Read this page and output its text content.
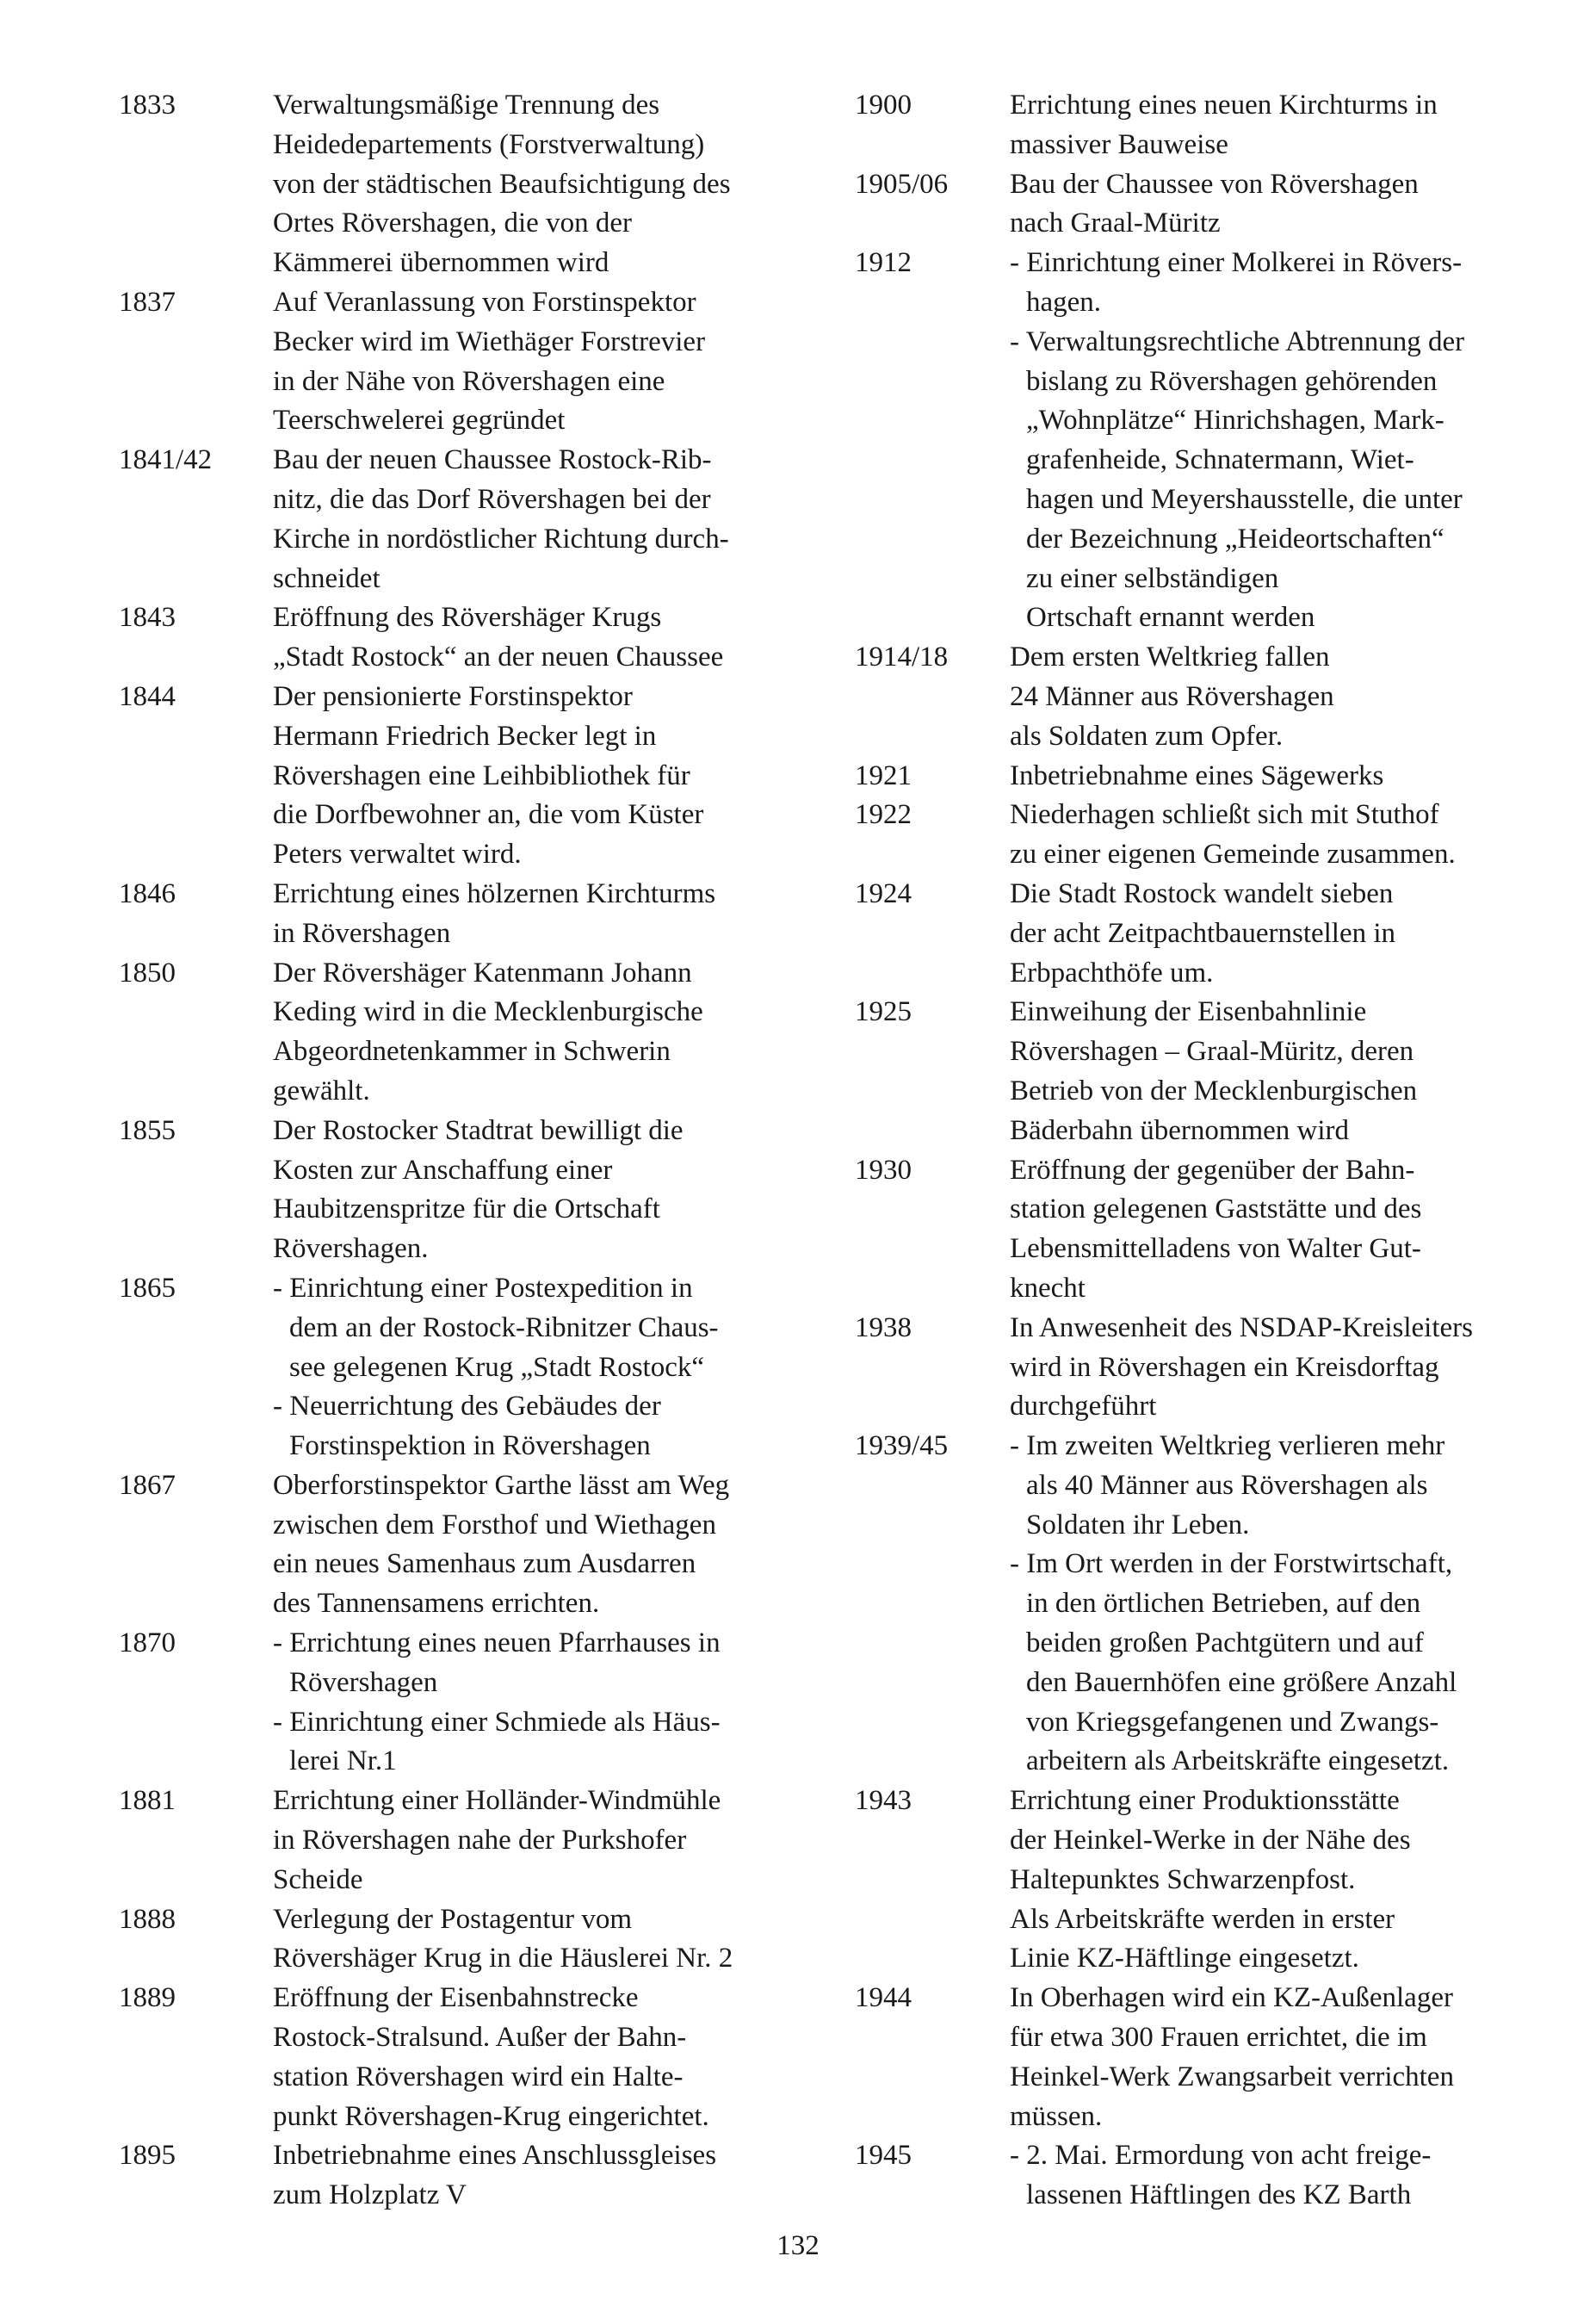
1833	Verwaltungsmäßige Trennung des
Heidedepartements (Forstverwaltung)
von der städtischen Beaufsichtigung des
Ortes Rövershagen, die von der
Kämmerei übernommen wird
1837	Auf Veranlassung von Forstinspektor
Becker wird im Wiethäger Forstrevier
in der Nähe von Rövershagen eine
Teerschwelerei gegründet
1841/42	Bau der neuen Chaussee Rostock-Rib-
nitz, die das Dorf Rövershagen bei der
Kirche in nordöstlicher Richtung durch-
schneidet
1843	Eröffnung des Rövershäger Krugs
„Stadt Rostock“ an der neuen Chaussee
1844	Der pensionierte Forstinspektor
Hermann Friedrich Becker legt in
Rövershagen eine Leihbibliothek für
die Dorfbewohner an, die vom Küster
Peters verwaltet wird.
1846	Errichtung eines hölzernen Kirchturms
in Rövershagen
1850	Der Rövershäger Katenmann Johann
Keding wird in die Mecklenburgische
Abgeordnetenkammer in Schwerin
gewählt.
1855	Der Rostocker Stadtrat bewilligt die
Kosten zur Anschaffung einer
Haubitzenspritze für die Ortschaft
Rövershagen.
1865	- Einrichtung einer Postexpedition in
dem an der Rostock-Ribnitzer Chaus-
see gelegenen Krug „Stadt Rostock“
- Neuerrichtung des Gebäudes der
Forstinspektion in Rövershagen
1867	Oberforstinspektor Garthe lässt am Weg
zwischen dem Forsthof und Wiethagen
ein neues Samenhaus zum Ausdarren
des Tannensamens errichten.
1870	- Errichtung eines neuen Pfarrhauses in
Rövershagen
- Einrichtung einer Schmiede als Häus-
lerei Nr.1
1881	Errichtung einer Holländer-Windmühle
in Rövershagen nahe der Purkshofer
Scheide
1888	Verlegung der Postagentur vom
Rövershäger Krug in die Häuslerei Nr. 2
1889	Eröffnung der Eisenbahnstrecke
Rostock-Stralsund. Außer der Bahn-
station Rövershagen wird ein Halte-
punkt Rövershagen-Krug eingerichtet.
1895	Inbetriebnahme eines Anschlussgleises
zum Holzplatz V
1900	Errichtung eines neuen Kirchturms in
massiver Bauweise
1905/06	Bau der Chaussee von Rövershagen
nach Graal-Müritz
1912	- Einrichtung einer Molkerei in Rövers-
hagen.
- Verwaltungsrechtliche Abtrennung der
bislang zu Rövershagen gehörenden
„Wohnplätze“ Hinrichshagen, Mark-
grafenheide, Schnatermann, Wiet-
hagen und Meyershausstelle, die unter
der Bezeichnung „Heideortschaften“
zu einer selbständigen
Ortschaft ernannt werden
1914/18	Dem ersten Weltkrieg fallen
24 Männer aus Rövershagen
als Soldaten zum Opfer.
1921	Inbetriebnahme eines Sägewerks
1922	Niederhagen schließt sich mit Stuthof
zu einer eigenen Gemeinde zusammen.
1924	Die Stadt Rostock wandelt sieben
der acht Zeitpachtbauernstellen in
Erbpachthöfe um.
1925	Einweihung der Eisenbahnlinie
Rövershagen – Graal-Müritz, deren
Betrieb von der Mecklenburgischen
Bäderbahn übernommen wird
1930	Eröffnung der gegenüber der Bahn-
station gelegenen Gaststätte und des
Lebensmittelladens von Walter Gut-
knecht
1938	In Anwesenheit des NSDAP-Kreisleiters
wird in Rövershagen ein Kreisdorftag
durchgeführt
1939/45	- Im zweiten Weltkrieg verlieren mehr
als 40 Männer aus Rövershagen als
Soldaten ihr Leben.
- Im Ort werden in der Forstwirtschaft,
in den örtlichen Betrieben, auf den
beiden großen Pachtgütern und auf
den Bauernhöfen eine größere Anzahl
von Kriegsgefangenen und Zwangs-
arbeitern als Arbeitskräfte eingesetzt.
1943	Errichtung einer Produktionsstätte
der Heinkel-Werke in der Nähe des
Haltepunktes Schwarzenpfost.
Als Arbeitskräfte werden in erster
Linie KZ-Häftlinge eingesetzt.
1944	In Oberhagen wird ein KZ-Außenlager
für etwa 300 Frauen errichtet, die im
Heinkel-Werk Zwangsarbeit verrichten
müssen.
1945	- 2. Mai. Ermordung von acht freige-
lassenen Häftlingen des KZ Barth
132
